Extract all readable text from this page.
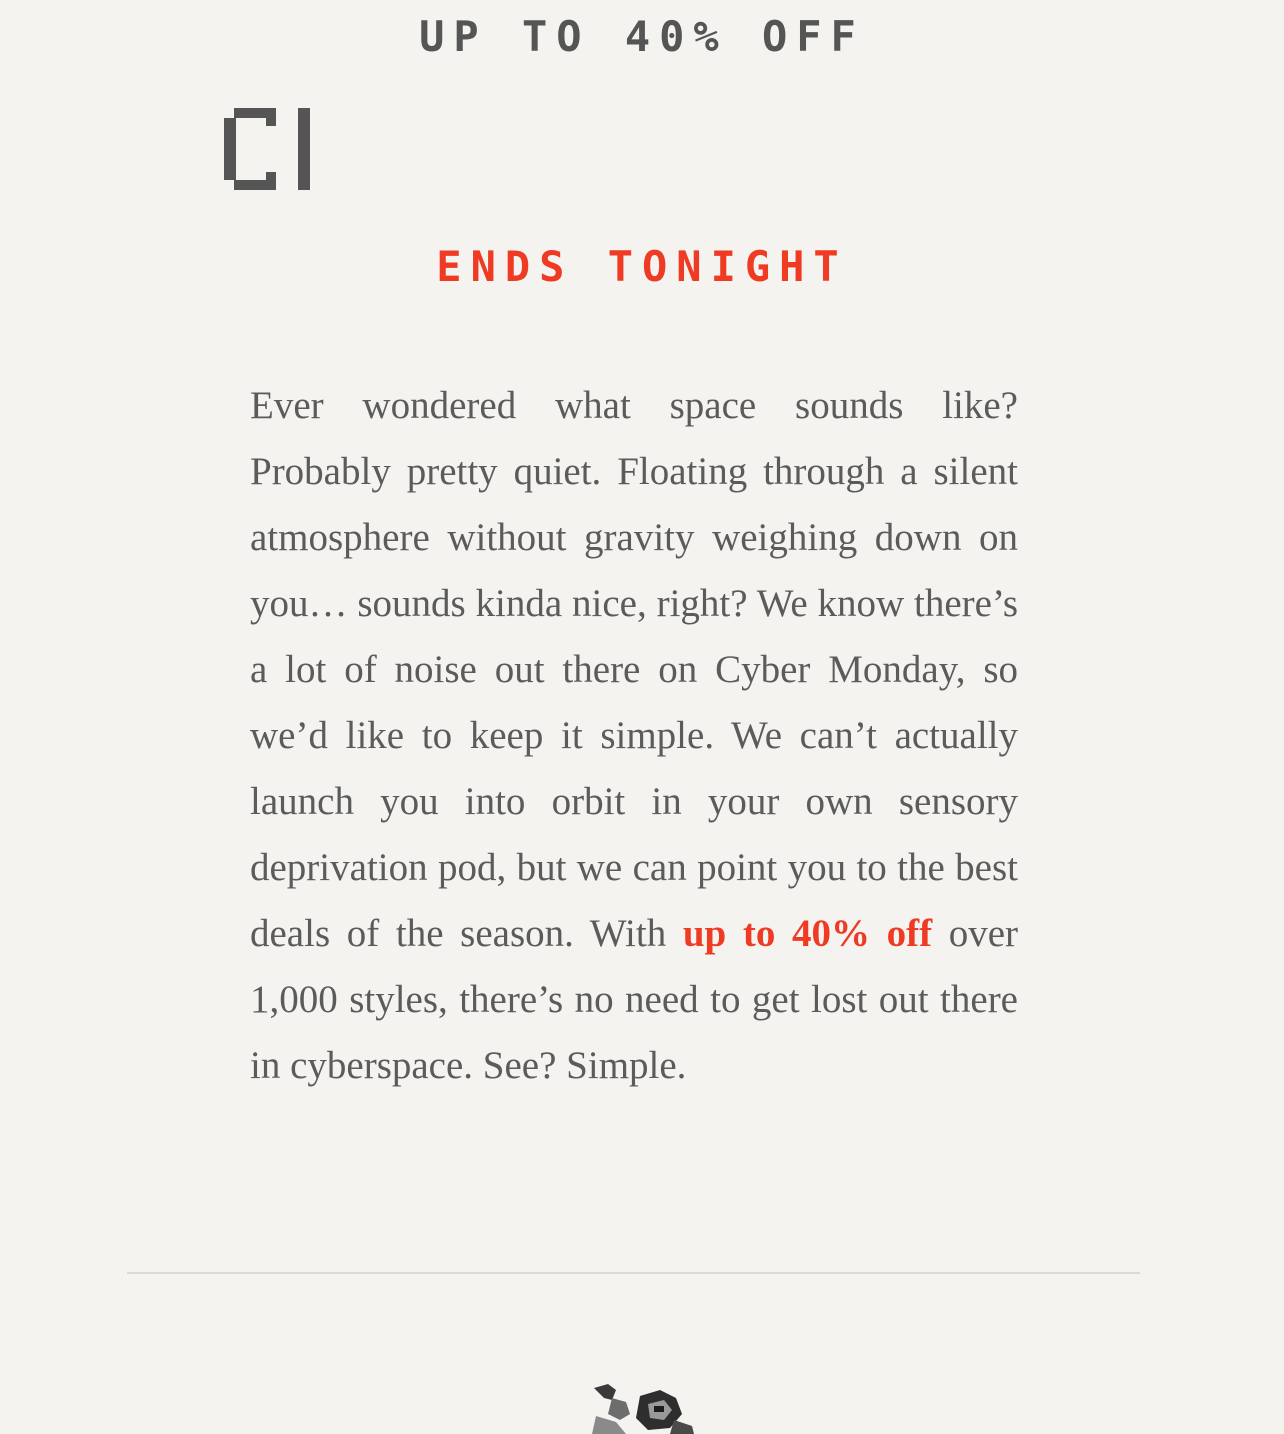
UP TO 40% OFF
ENDS TONIGHT

Ever wondered what space sounds like? Probably pretty quiet. Floating through a silent atmosphere without gravity weighing down on you… sounds kinda nice, right? We know there’s a lot of noise out there on Cyber Monday, so we’d like to keep it simple. We can’t actually launch you into orbit in your own sensory deprivation pod, but we can point you to the best deals of the season. With up to 40% off over 1,000 styles, there’s no need to get lost out there in cyberspace. See? Simple.
